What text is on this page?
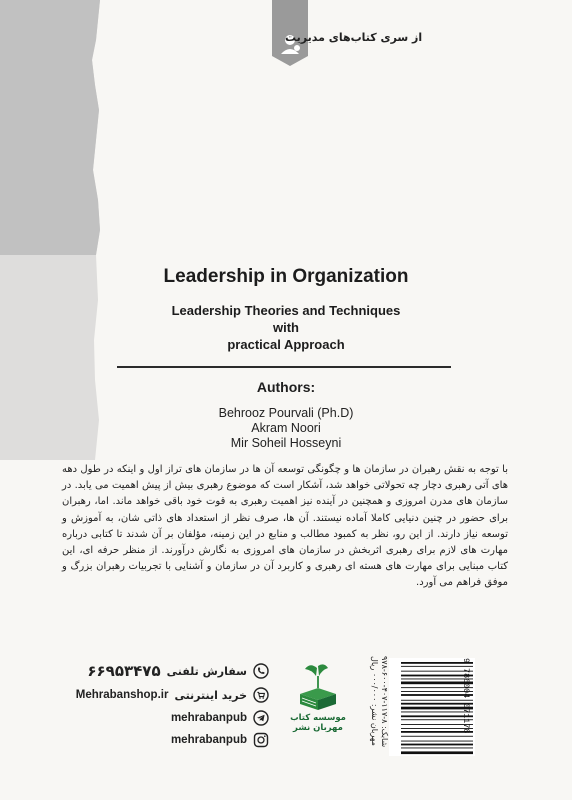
از سری کتاب‌های مدیریت
Leadership in Organization
Leadership Theories and Techniques
with
practical Approach
Authors:
Behrooz Pourvali (Ph.D)
Akram Noori
Mir Soheil Hosseyni

با توجه به نقش رهبران در سازمان ها و چگونگی توسعه آن ها در سازمان های تراز اول و اینکه در طول دهه های آتی رهبری دچار چه تحولاتی خواهد شد، آشکار است که موضوع رهبری بیش از پیش اهمیت می یابد. در سازمان های مدرن امروزی و همچنین در آینده نیز اهمیت رهبری به قوت خود باقی خواهد ماند. اما، رهبران برای حضور در چنین دنیایی کاملا آماده نیستند. آن ها، صرف نظر از استعداد های ذاتی شان، به آموزش و توسعه نیاز دارند. از این رو، نظر به کمبود مطالب و منابع در این زمینه، مؤلفان بر آن شدند تا کتابی درباره مهارت های لازم برای رهبری اثربخش در سازمان های امروزی به نگارش درآورند. از منظر حرفه ای، این کتاب مبنایی برای مهارت های هسته ای رهبری و کاربرد آن در سازمان و آشنایی با تجربیات رهبران بزرگ و موفق فراهم می آورد.

۶۶۹۵۳۴۷۵ سفارش تلفنی
Mehrabanshop.ir خرید اینترنتی
mehrabanpub
mehrabanpub
موسسه کتاب
مهربان نشر
مهربان نشر: ۰۰۰/۰۰۰ ریال
شابک: ۸-۱۱۷-۴۰۷-۶۰۰-۹۷۸
9 786004 071178
